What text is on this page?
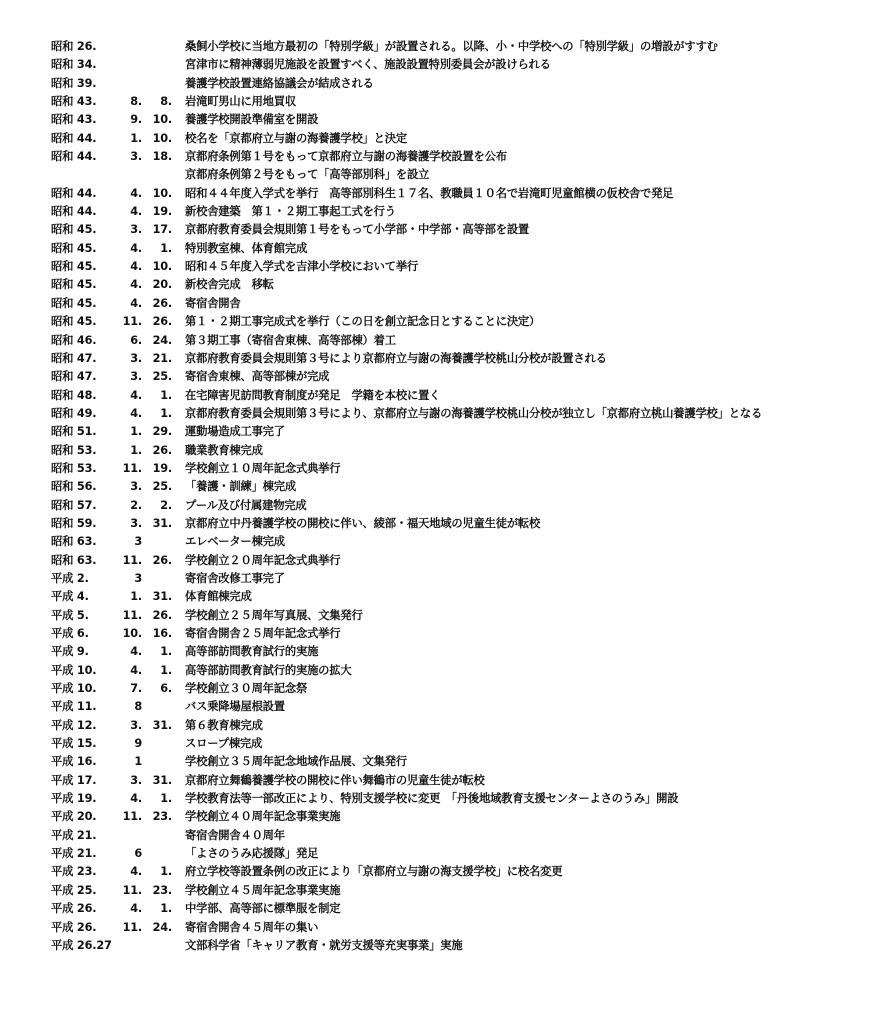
昭和 26.	桑飼小学校に当地方最初の「特別学級」が設置される。以降、小・中学校への「特別学級」の増設がすすむ
昭和 34.	宮津市に精神薄弱児施設を設置すべく、施設設置特別委員会が設けられる
昭和 39.	養護学校設置連絡協議会が結成される
昭和 43.	8.	8. 岩滝町男山に用地買収
昭和 43.	9. 10. 養護学校開設準備室を開設
昭和 44.	1. 10. 校名を「京都府立与謝の海養護学校」と決定
昭和 44.	3. 18. 京都府条例第１号をもって京都府立与謝の海養護学校設置を公布
京都府条例第２号をもって「高等部別科」を設立
昭和 44.	4. 10. 昭和４４年度入学式を挙行　高等部別科生１７名、教職員１０名で岩滝町児童館横の仮校舎で発足
昭和 44.	4. 19. 新校舎建築　第１・２期工事起工式を行う
昭和 45.	3. 17. 京都府教育委員会規則第１号をもって小学部・中学部・高等部を設置
昭和 45.	4.	1. 特別教室棟、体育館完成
昭和 45.	4. 10. 昭和４５年度入学式を吉津小学校において挙行
昭和 45.	4. 20. 新校舎完成　移転
昭和 45.	4. 26. 寄宿舎開舎
昭和 45.	11. 26. 第１・２期工事完成式を挙行（この日を創立記念日とすることに決定）
昭和 46.	6. 24. 第３期工事（寄宿舎東棟、高等部棟）着工
昭和 47.	3. 21. 京都府教育委員会規則第３号により京都府立与謝の海養護学校桃山分校が設置される
昭和 47.	3. 25. 寄宿舎東棟、高等部棟が完成
昭和 48.	4.	1. 在宅障害児訪問教育制度が発足　学籍を本校に置く
昭和 49.	4.	1. 京都府教育委員会規則第３号により、京都府立与謝の海養護学校桃山分校が独立し「京都府立桃山養護学校」となる
昭和 51.	1. 29. 運動場造成工事完了
昭和 53.	1. 26. 職業教育棟完成
昭和 53.	11. 19. 学校創立１０周年記念式典挙行
昭和 56.	3. 25. 「養護・訓練」棟完成
昭和 57.	2.	2. プール及び付属建物完成
昭和 59.	3. 31. 京都府立中丹養護学校の開校に伴い、綾部・福天地域の児童生徒が転校
昭和 63.	3	エレベーター棟完成
昭和 63.	11. 26. 学校創立２０周年記念式典挙行
平成 2.	3	寄宿舎改修工事完了
平成 4.	1. 31. 体育館棟完成
平成 5.	11. 26. 学校創立２５周年写真展、文集発行
平成 6.	10. 16. 寄宿舎開舎２５周年記念式挙行
平成 9.	4.	1. 高等部訪問教育試行的実施
平成 10.	4.	1. 高等部訪問教育試行的実施の拡大
平成 10.	7.	6. 学校創立３０周年記念祭
平成 11.	8	バス乗降場屋根設置
平成 12.	3. 31. 第６教育棟完成
平成 15.	9	スロープ棟完成
平成 16.	1	学校創立３５周年記念地域作品展、文集発行
平成 17.	3. 31. 京都府立舞鶴養護学校の開校に伴い舞鶴市の児童生徒が転校
平成 19.	4.	1. 学校教育法等一部改正により、特別支援学校に変更　「丹後地域教育支援センターよさのうみ」開設
平成 20.	11. 23. 学校創立４０周年記念事業実施
平成 21.	寄宿舎開舎４０周年
平成 21.	6	「よさのうみ応援隊」発足
平成 23.	4.	1. 府立学校等設置条例の改正により「京都府立与謝の海支援学校」に校名変更
平成 25.	11. 23. 学校創立４５周年記念事業実施
平成 26.	4.	1. 中学部、高等部に標準服を制定
平成 26.	11. 24. 寄宿舎開舎４５周年の集い
平成 26.27	文部科学省「キャリア教育・就労支援等充実事業」実施
